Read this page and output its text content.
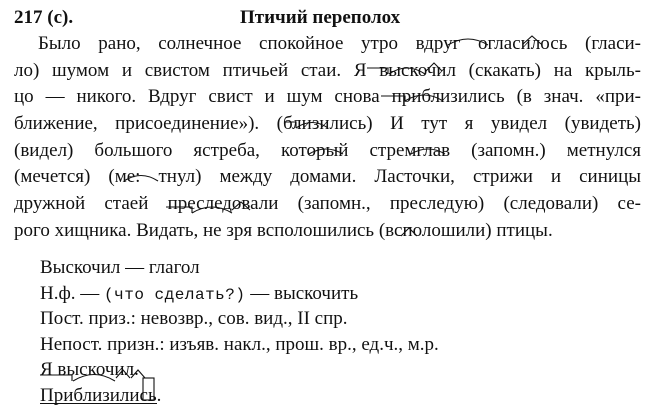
217 (с).	Птичий переполох
Было рано, солнечное спокойное утро вдруг огласилось (гласи-
ло) шумом и свистом птичьей стаи. Я выскочил (скакать) на крыль-
цо — никого. Вдруг свист и шум снова приблизились (в знач. «при-
ближение, присоединение»). (близились) И тут я увидел (увидеть)
(видел) большого ястреба, который стремглав (запомн.) метнулся
(мечется) (ме: тнул) между домами. Ласточки, стрижи и синицы
дружной стаей преследовали (запомн., преследую) (следовали) се-
рого хищника. Видать, не зря всполошились (всполошили) птицы.
Выскочил — глагол
Н.ф. — (что сделать?) — выскочить
Пост. приз.: невозвр., сов. вид., II спр.
Непост. призн.: изъяв. накл., прош. вр., ед.ч., м.р.
Я выскочил.
Приблизились.
